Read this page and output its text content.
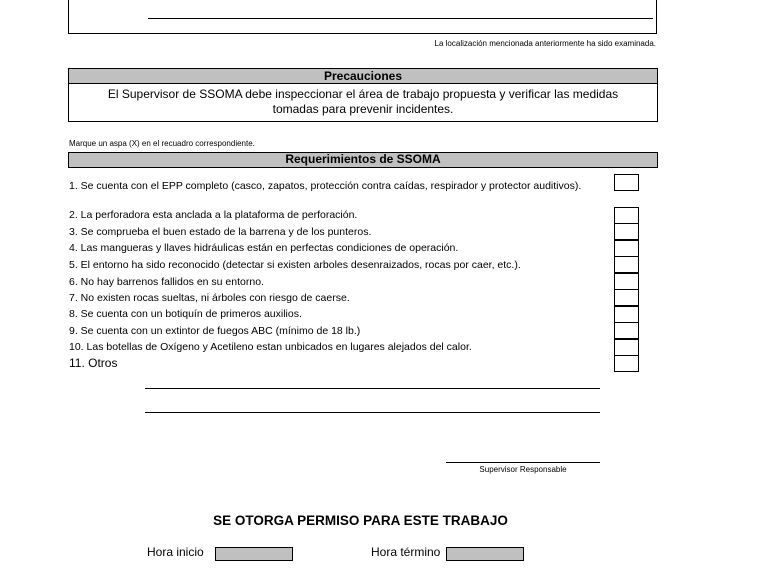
La localización mencionada anteriormente ha sido examinada.
Precauciones
El Supervisor de SSOMA debe inspeccionar el área de trabajo propuesta y verificar las medidas tomadas para prevenir incidentes.
Marque un aspa (X) en el recuadro correspondiente.
Requerimientos de SSOMA
1. Se cuenta con el EPP completo (casco, zapatos, protección contra caídas, respirador y protector auditivos).
2. La perforadora esta anclada a la plataforma de perforación.
3. Se comprueba el buen estado de la barrena y de los punteros.
4. Las mangueras y llaves hidráulicas están en perfectas condiciones de operación.
5. El entorno ha sido reconocido (detectar si existen arboles desenraizados, rocas por caer, etc.).
6. No hay barrenos fallidos en su entorno.
7. No existen rocas sueltas, ni árboles con riesgo de caerse.
8. Se cuenta con un botiquín de primeros auxilios.
9. Se cuenta con un extintor de fuegos ABC (mínimo de 18 lb.)
10. Las botellas de Oxígeno y Acetileno estan unbicados en lugares alejados del calor.
11. Otros
Supervisor Responsable
SE OTORGA PERMISO PARA ESTE TRABAJO
Hora inicio	Hora término
